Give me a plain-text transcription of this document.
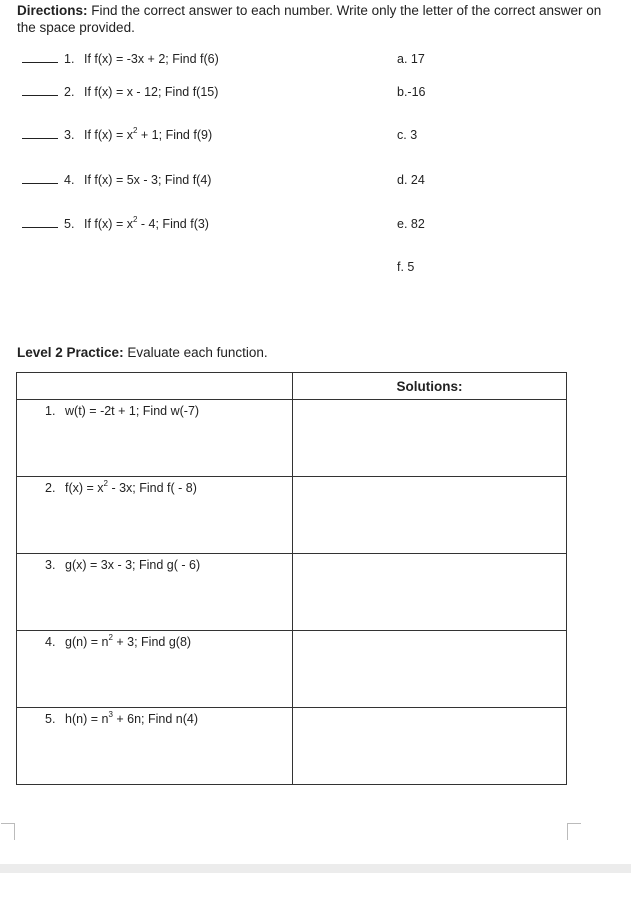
Directions: Find the correct answer to each number. Write only the letter of the correct answer on the space provided.
1. If f(x) = -3x + 2; Find f(6)
2. If f(x) = x - 12; Find f(15)
3. If $f(x) = x^2 + 1$; Find f(9)
4. If f(x) = 5x - 3; Find f(4)
5. If $f(x) = x^2 - 4$; Find f(3)
a. 17
b.-16
c. 3
d. 24
e. 82
f. 5
Level 2 Practice: Evaluate each function.
	Solutions:

1. w(t) = -2t + 1; Find w(-7)	

2. $f(x) = x^2 - 3x$; Find f( - 8)	

3. g(x) = 3x - 3; Find g( - 6)	

4. $g(n) = n^2 + 3$; Find g(8)	

5. $h(n) = n^3 + 6n$; Find n(4)	
